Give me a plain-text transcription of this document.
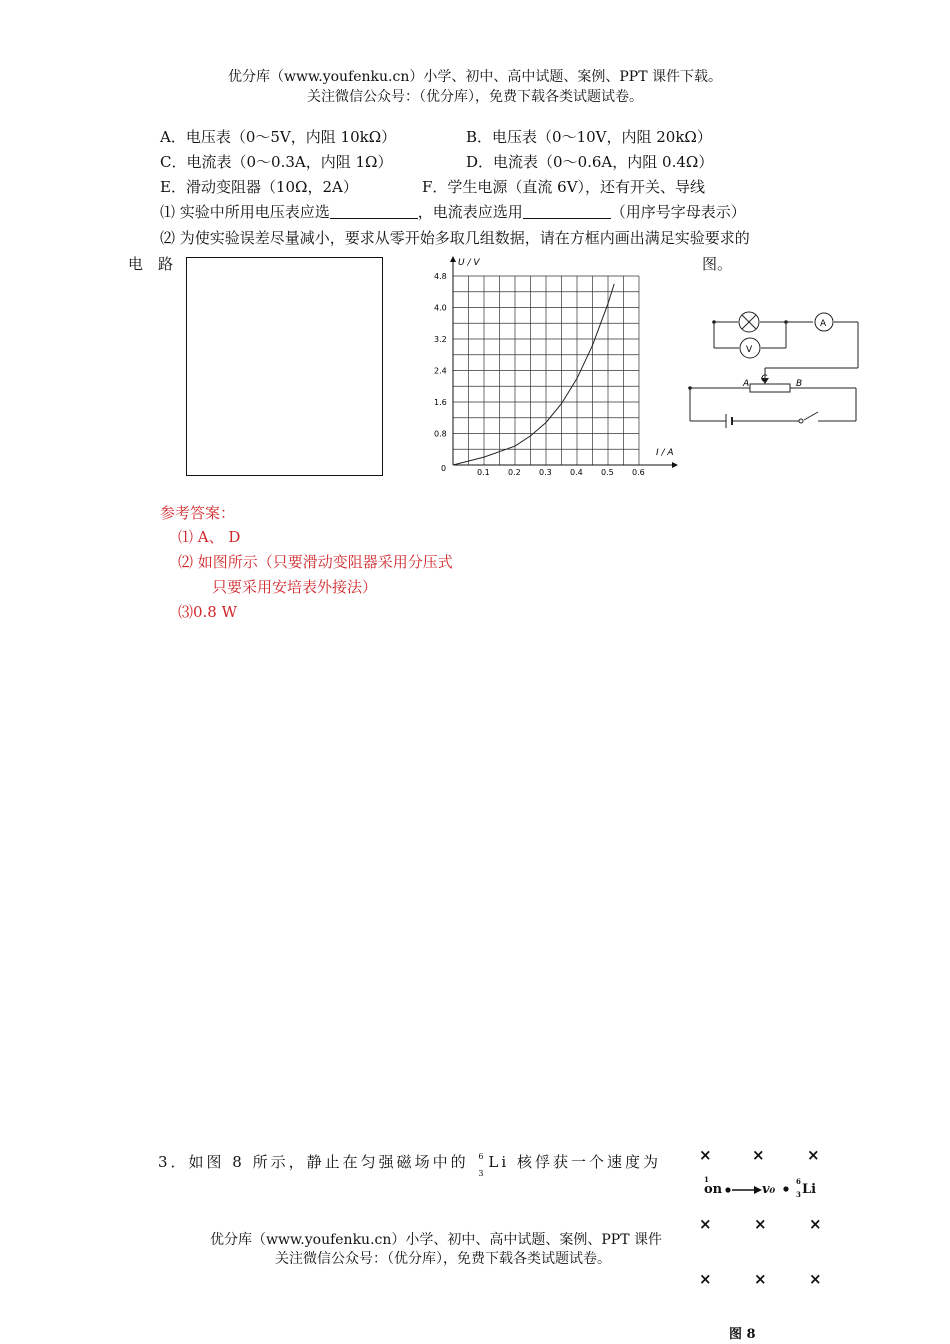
优分库（www.youfenku.cn）小学、初中、高中试题、案例、PPT 课件下载。
关注微信公众号：（优分库），免费下载各类试题试卷。
A．电压表（0～5V，内阻 10kΩ）	B．电压表（0～10V，内阻 20kΩ）
C．电流表（0～0.3A，内阻 1Ω）	D．电流表（0～0.6A，内阻 0.4Ω）
E．滑动变阻器（10Ω，2A）	F．学生电源（直流 6V），还有开关、导线
⑴ 实验中所用电压表应选	，电流表应选用	（用序号字母表示）
⑵ 为使实验误差尽量减小，要求从零开始多取几组数据，请在方框内画出满足实验要求的
电　路	图。
0.1 0.2 0.3 0.4 0.5 0.6
4.8
4.0
3.2
2.4
1.6
0.8
U / V
I / A
0
A
V
A C	B
参考答案：
⑴ A、 D
⑵ 如图所示（只要滑动变阻器采用分压式
只要采用安培表外接法）
⑶0.8 W
3．如图 8 所示，静止在匀强磁场中的 6
3
Li 核俘获一个速度为	×	×	×
×	×	×
×	×	×
1
on	v₀
6
3 Li
图 8
优分库（www.youfenku.cn）小学、初中、高中试题、案例、PPT 课件
关注微信公众号：（优分库），免费下载各类试题试卷。
